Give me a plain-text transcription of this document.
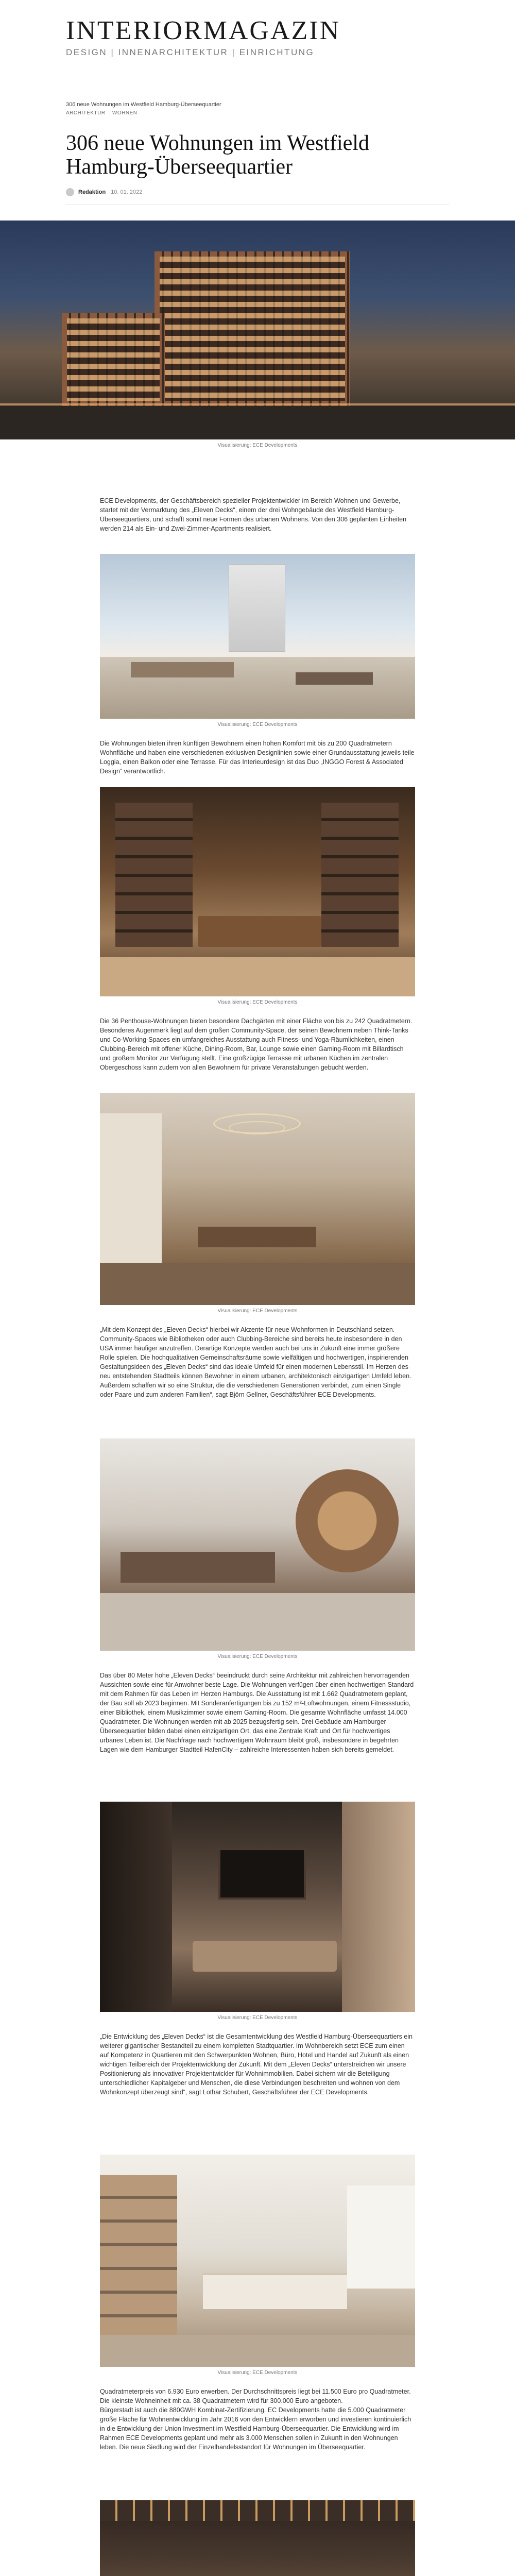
INTERIORMAGAZIN
DESIGN | INNENARCHITEKTUR | EINRICHTUNG
306 neue Wohnungen im Westfield Hamburg-Überseequartier
ARCHITEKTUR WOHNEN
306 neue Wohnungen im Westfield Hamburg-Überseequartier
Redaktion 10. 01. 2022
Visualisierung: ECE Developments
ECE Developments, der Geschäftsbereich spezieller Projektentwickler im Bereich Wohnen und Gewerbe, startet mit der Vermarktung des „Eleven Decks“, einem der drei Wohngebäude des Westfield Hamburg-Überseequartiers, und schafft somit neue Formen des urbanen Wohnens. Von den 306 geplanten Einheiten werden 214 als Ein- und Zwei-Zimmer-Apartments realisiert.
Visualisierung: ECE Developments
Die Wohnungen bieten ihren künftigen Bewohnern einen hohen Komfort mit bis zu 200 Quadratmetern Wohnfläche und haben eine verschiedenen exklusiven Designlinien sowie einer Grundausstattung jeweils teile Loggia, einen Balkon oder eine Terrasse. Für das Interieurdesign ist das Duo „INGGO Forest & Associated Design“ verantwortlich.
Visualisierung: ECE Developments
Die 36 Penthouse-Wohnungen bieten besondere Dachgärten mit einer Fläche von bis zu 242 Quadratmetern. Besonderes Augenmerk liegt auf dem großen Community-Space, der seinen Bewohnern neben Think-Tanks und Co-Working-Spaces ein umfangreiches Ausstattung auch Fitness- und Yoga-Räumlichkeiten, einen Clubbing-Bereich mit offener Küche, Dining-Room, Bar, Lounge sowie einen Gaming-Room mit Billardtisch und großem Monitor zur Verfügung stellt. Eine großzügige Terrasse mit urbanen Küchen im zentralen Obergeschoss kann zudem von allen Bewohnern für private Veranstaltungen gebucht werden.
Visualisierung: ECE Developments
„Mit dem Konzept des „Eleven Decks“ hierbei wir Akzente für neue Wohnformen in Deutschland setzen. Community-Spaces wie Bibliotheken oder auch Clubbing-Bereiche sind bereits heute insbesondere in den USA immer häufiger anzutreffen. Derartige Konzepte werden auch bei uns in Zukunft eine immer größere Rolle spielen. Die hochqualitativen Gemeinschaftsräume sowie vielfältigen und hochwertigen, inspirierenden Gestaltungsideen des „Eleven Decks“ sind das ideale Umfeld für einen modernen Lebensstil. Im Herzen des neu entstehenden Stadtteils können Bewohner in einem urbanen, architektonisch einzigartigen Umfeld leben. Außerdem schaffen wir so eine Struktur, die die verschiedenen Generationen verbindet, zum einen Single oder Paare und zum anderen Familien“, sagt Björn Gellner, Geschäftsführer ECE Developments.
Visualisierung: ECE Developments
Das über 80 Meter hohe „Eleven Decks“ beeindruckt durch seine Architektur mit zahlreichen hervorragenden Aussichten sowie eine für Anwohner beste Lage. Die Wohnungen verfügen über einen hochwertigen Standard mit dem Rahmen für das Leben im Herzen Hamburgs. Die Ausstattung ist mit 1.662 Quadratmetern geplant, der Bau soll ab 2023 beginnen. Mit Sonderanfertigungen bis zu 152 m²-Loftwohnungen, einem Fitnessstudio, einer Bibliothek, einem Musikzimmer sowie einem Gaming-Room. Die gesamte Wohnfläche umfasst 14.000 Quadratmeter. Die Wohnungen werden mit ab 2025 bezugsfertig sein. Drei Gebäude am Hamburger Überseequartier bilden dabei einen einzigartigen Ort, das eine Zentrale Kraft und Ort für hochwertiges urbanes Leben ist. Die Nachfrage nach hochwertigem Wohnraum bleibt groß, insbesondere in begehrten Lagen wie dem Hamburger Stadtteil HafenCity – zahlreiche Interessenten haben sich bereits gemeldet.
Visualisierung: ECE Developments
„Die Entwicklung des „Eleven Decks“ ist die Gesamtentwicklung des Westfield Hamburg-Überseequartiers ein weiterer gigantischer Bestandteil zu einem kompletten Stadtquartier. Im Wohnbereich setzt ECE zum einen auf Kompetenz in Quartieren mit den Schwerpunkten Wohnen, Büro, Hotel und Handel auf Zukunft als einen wichtigen Teilbereich der Projektentwicklung der Zukunft. Mit dem „Eleven Decks“ unterstreichen wir unsere Positionierung als innovativer Projektentwickler für Wohnimmobilien. Dabei sichern wir die Beteiligung unterschiedlicher Kapitalgeber und Menschen, die diese Verbindungen beschreiten und wohnen von dem Wohnkonzept überzeugt sind“, sagt Lothar Schubert, Geschäftsführer der ECE Developments.
Visualisierung: ECE Developments
Quadratmeterpreis von 6.930 Euro erwerben. Der Durchschnittspreis liegt bei 11.500 Euro pro Quadratmeter. Die kleinste Wohneinheit mit ca. 38 Quadratmetern wird für 300.000 Euro angeboten.
Bürgerstadt ist auch die 880GWH Kombinat-Zertifizierung. EC Developments hatte die 5.000 Quadratmeter große Fläche für Wohnentwicklung im Jahr 2016 von den Entwicklern erworben und investieren kontinuierlich in die Entwicklung der Union Investment im Westfield Hamburg-Überseequartier. Die Entwicklung wird im Rahmen ECE Developments geplant und mehr als 3.000 Menschen sollen in Zukunft in den Wohnungen leben. Die neue Siedlung wird der Einzelhandelsstandort für Wohnungen im Überseequartier.
